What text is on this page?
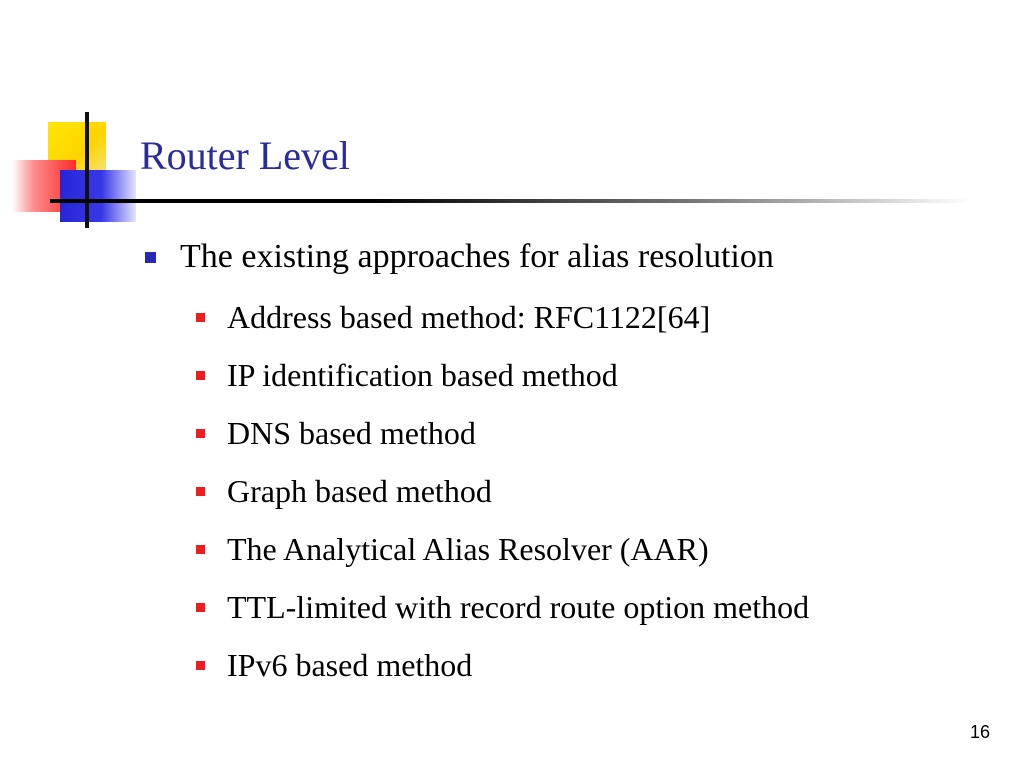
Router Level
The existing approaches for alias resolution
Address based method: RFC1122[64]
IP identification based method
DNS based method
Graph based method
The Analytical Alias Resolver (AAR)
TTL-limited with record route option method
IPv6 based method
16
